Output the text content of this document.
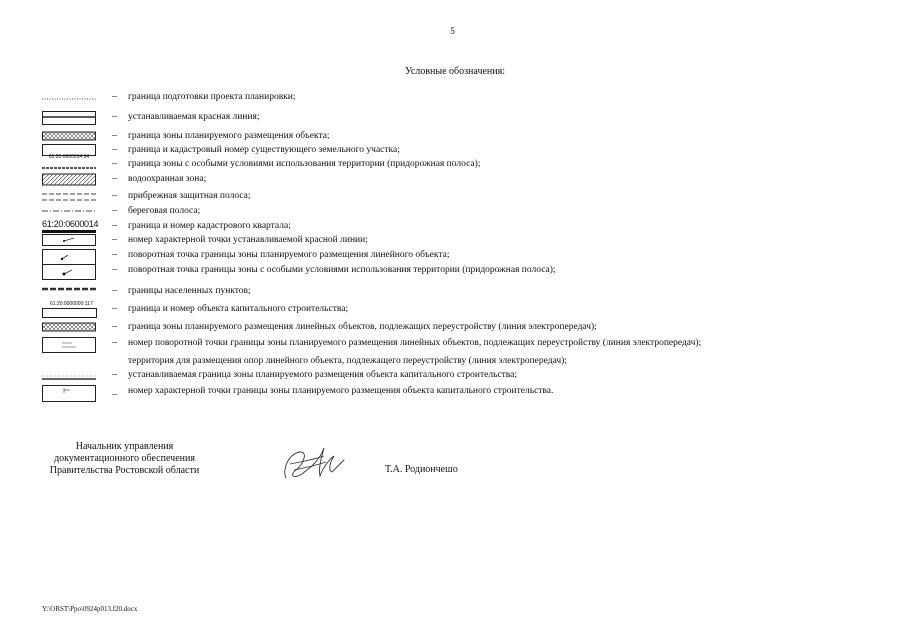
5
Условные обозначения:
– граница подготовки проекта планировки;
– устанавливаемая красная линия;
– граница зоны планируемого размещения объекта;
61:20:0600014:94
– граница и кадастровый номер существующего земельного участка;
– граница зоны с особыми условиями использования территории (придорожная полоса);
– водоохранная зона;
– прибрежная защитная полоса;
– береговая полоса;
61:20:0600014 – граница и номер кадастрового квартала;
– номер характерной точки устанавливаемой красной линии;
– поворотная точка границы зоны планируемого размещения линейного объекта;
– поворотная точка границы зоны с особыми условиями использования территории (придорожная полоса);
– границы населенных пунктов;
61:20:0000000:117 – граница и номер объекта капитального строительства;
– граница зоны планируемого размещения линейных объектов, подлежащих переустройству (линия электропередач);
– номер поворотной точки границы зоны планируемого размещения линейных объектов, подлежащих переустройству (линия электропередач);
территория для размещения опор линейного объекта, подлежащего переустройству (линия электропередач);
– устанавливаемая граница зоны планируемого размещения объекта капитального строительства;
– номер характерной точки границы зоны планируемого размещения объекта капитального строительства.
Начальник управления
документационного обеспечения
Правительства Ростовской области	Т.А. Родиончешо
Y:\ORST\Ppo\0924p013.f20.docx
